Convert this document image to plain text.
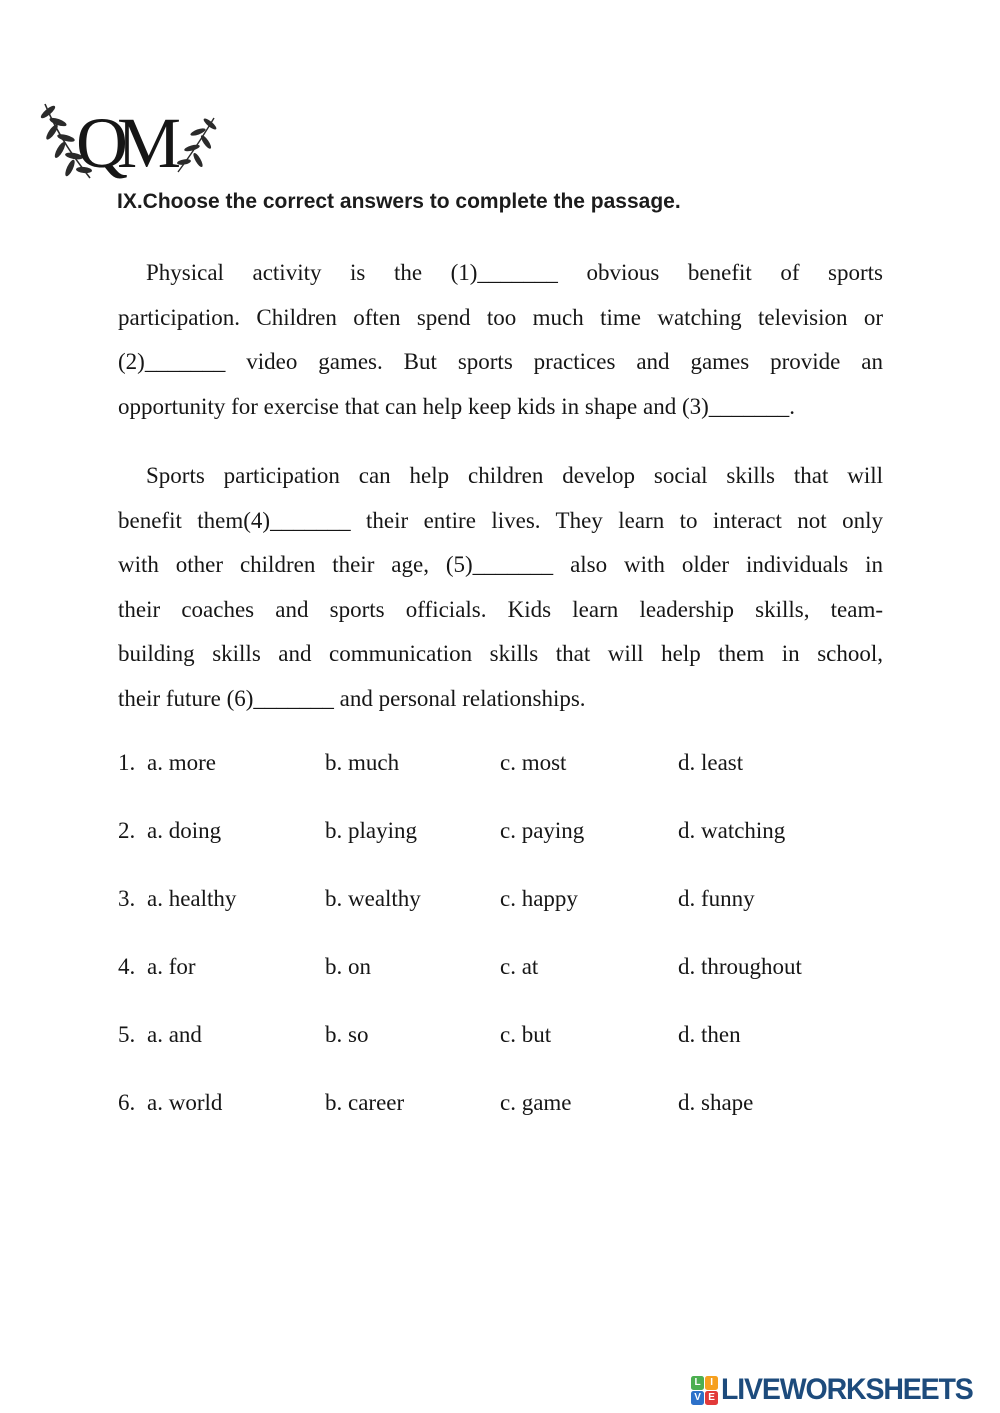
QM
IX.Choose the correct answers to complete the passage.
Physical activity is the (1)_______ obvious benefit of sports
participation. Children often spend too much time watching television or
(2)_______ video games. But sports practices and games provide an
opportunity for exercise that can help keep kids in shape and (3)_______.
Sports participation can help children develop social skills that will
benefit them(4)_______ their entire lives. They learn to interact not only
with other children their age, (5)_______ also with older individuals in
their coaches and sports officials. Kids learn leadership skills, team-
building skills and communication skills that will help them in school,
their future (6)_______ and personal relationships.
1. a. more	b. much	c. most	d. least
2. a. doing	b. playing	c. paying	d. watching
3. a. healthy	b. wealthy	c. happy	d. funny
4. a. for	b. on	c. at	d. throughout
5. a. and	b. so	c. but	d. then
6. a. world	b. career	c. game	d. shape
L I
V E LIVEWORKSHEETS
